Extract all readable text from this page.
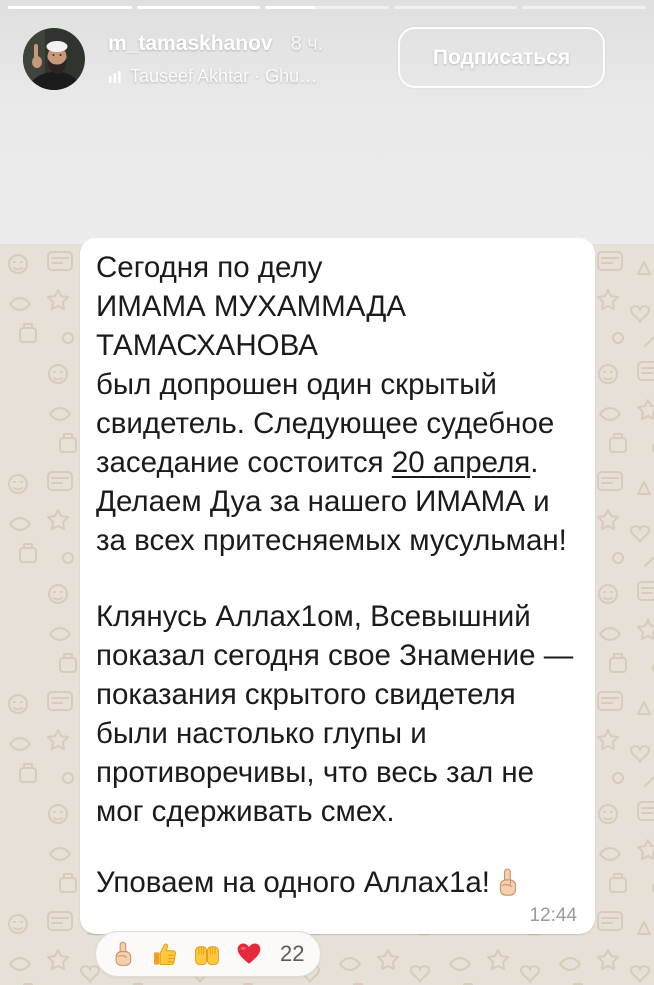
m_tamaskhanov 8 ч.
Tauseef Akhtar · Ghu…
Подписаться
Сегодня по делу
ИМАМА МУХАММАДА
ТАМАСХАНОВА
был допрошен один скрытый
свидетель. Следующее судебное
заседание состоится 20 апреля.
Делаем Дуа за нашего ИМАМА и
за всех притесняемых мусульман!
Клянусь Аллах1ом, Всевышний
показал сегодня свое Знамение —
показания скрытого свидетеля
были настолько глупы и
противоречивы, что весь зал не
мог сдерживать смех.
Уповаем на одного Аллах1а!
12:44
22
